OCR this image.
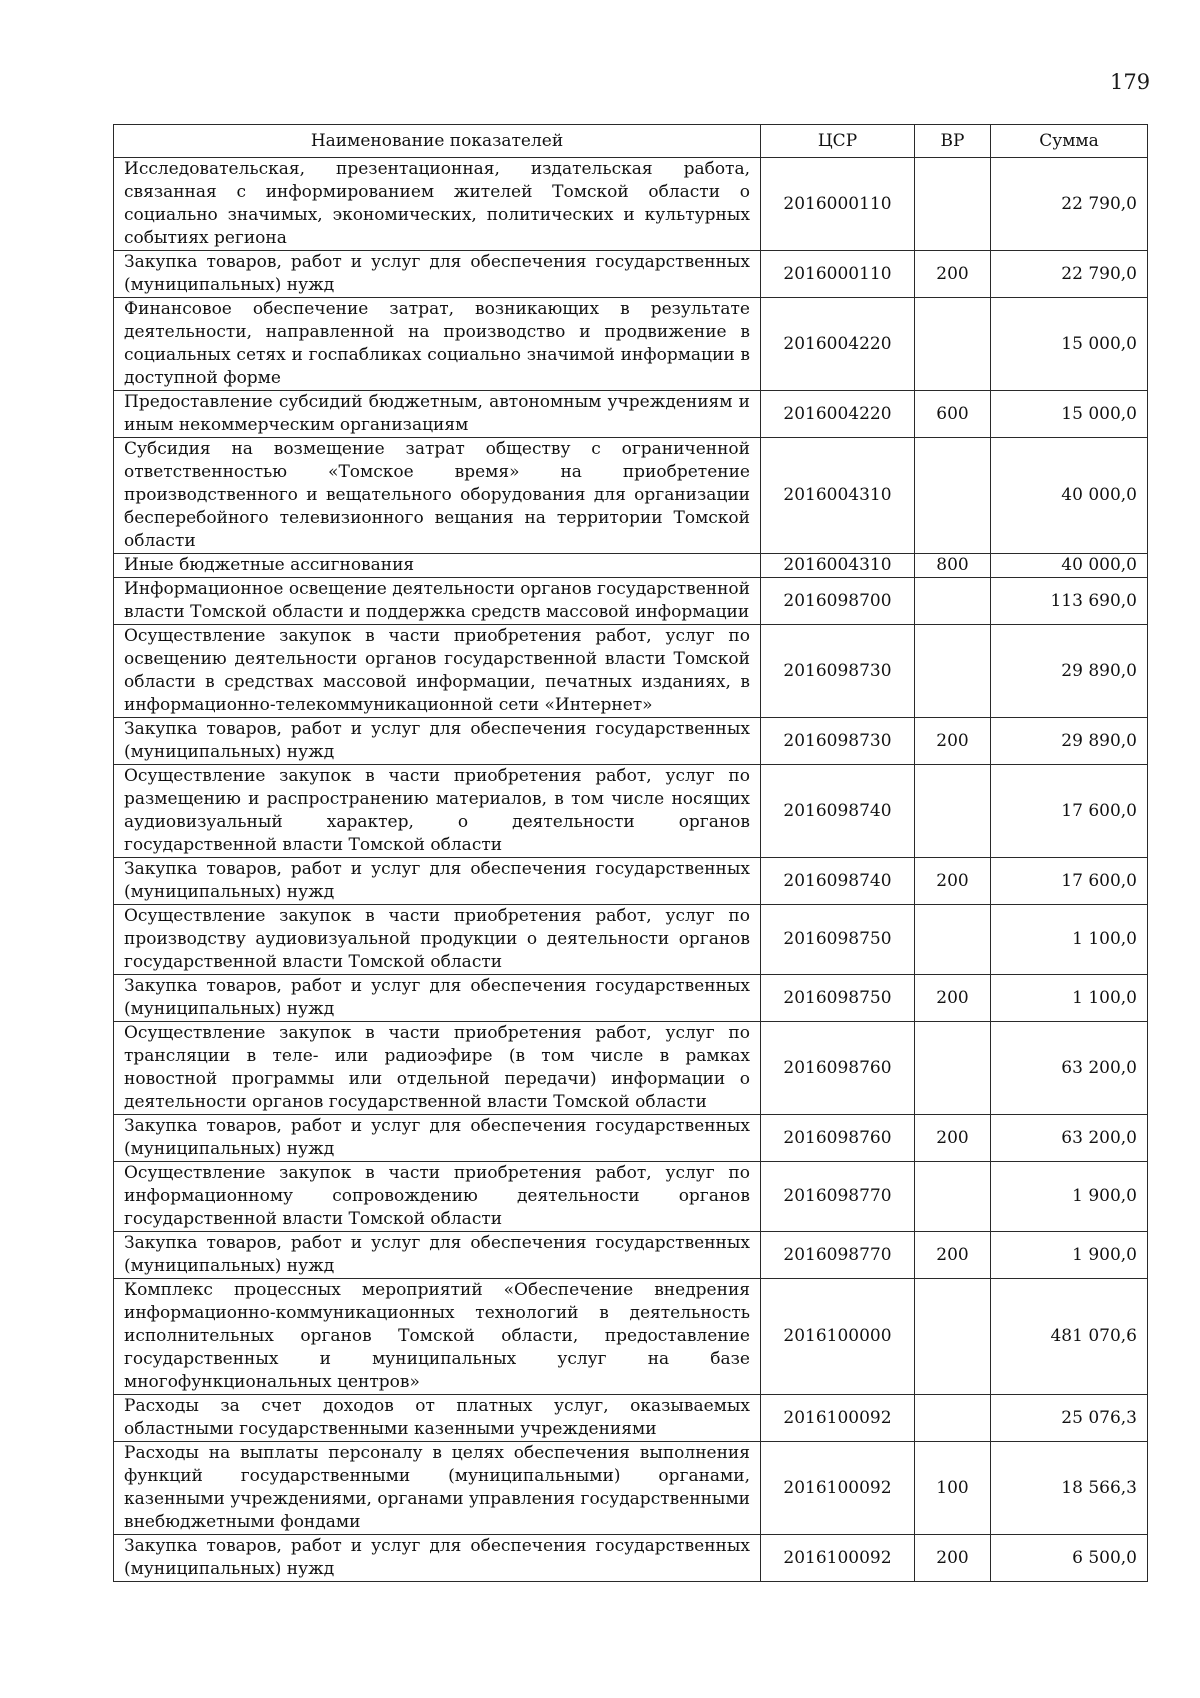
179
Наименование показателей	ЦСР	ВР	Сумма
Исследовательская, презентационная, издательская работа, связанная с информированием жителей Томской области о социально значимых, экономических, политических и культурных событиях региона	2016000110		22 790,0
Закупка товаров, работ и услуг для обеспечения государственных (муниципальных) нужд	2016000110	200	22 790,0
Финансовое обеспечение затрат, возникающих в результате деятельности, направленной на производство и продвижение в социальных сетях и госпабликах социально значимой информации в доступной форме	2016004220		15 000,0
Предоставление субсидий бюджетным, автономным учреждениям и иным некоммерческим организациям	2016004220	600	15 000,0
Субсидия на возмещение затрат обществу с ограниченной ответственностью «Томское время» на приобретение производственного и вещательного оборудования для организации бесперебойного телевизионного вещания на территории Томской области	2016004310		40 000,0
Иные бюджетные ассигнования	2016004310	800	40 000,0
Информационное освещение деятельности органов государственной власти Томской области и поддержка средств массовой информации	2016098700		113 690,0
Осуществление закупок в части приобретения работ, услуг по освещению деятельности органов государственной власти Томской области в средствах массовой информации, печатных изданиях, в информационно-телекоммуникационной сети «Интернет»	2016098730		29 890,0
Закупка товаров, работ и услуг для обеспечения государственных (муниципальных) нужд	2016098730	200	29 890,0
Осуществление закупок в части приобретения работ, услуг по размещению и распространению материалов, в том числе носящих аудиовизуальный характер, о деятельности органов государственной власти Томской области	2016098740		17 600,0
Закупка товаров, работ и услуг для обеспечения государственных (муниципальных) нужд	2016098740	200	17 600,0
Осуществление закупок в части приобретения работ, услуг по производству аудиовизуальной продукции о деятельности органов государственной власти Томской области	2016098750		1 100,0
Закупка товаров, работ и услуг для обеспечения государственных (муниципальных) нужд	2016098750	200	1 100,0
Осуществление закупок в части приобретения работ, услуг по трансляции в теле- или радиоэфире (в том числе в рамках новостной программы или отдельной передачи) информации о деятельности органов государственной власти Томской области	2016098760		63 200,0
Закупка товаров, работ и услуг для обеспечения государственных (муниципальных) нужд	2016098760	200	63 200,0
Осуществление закупок в части приобретения работ, услуг по информационному сопровождению деятельности органов государственной власти Томской области	2016098770		1 900,0
Закупка товаров, работ и услуг для обеспечения государственных (муниципальных) нужд	2016098770	200	1 900,0
Комплекс процессных мероприятий «Обеспечение внедрения информационно-коммуникационных технологий в деятельность исполнительных органов Томской области, предоставление государственных и муниципальных услуг на базе многофункциональных центров»	2016100000		481 070,6
Расходы за счет доходов от платных услуг, оказываемых областными государственными казенными учреждениями	2016100092		25 076,3
Расходы на выплаты персоналу в целях обеспечения выполнения функций государственными (муниципальными) органами, казенными учреждениями, органами управления государственными внебюджетными фондами	2016100092	100	18 566,3
Закупка товаров, работ и услуг для обеспечения государственных (муниципальных) нужд	2016100092	200	6 500,0
